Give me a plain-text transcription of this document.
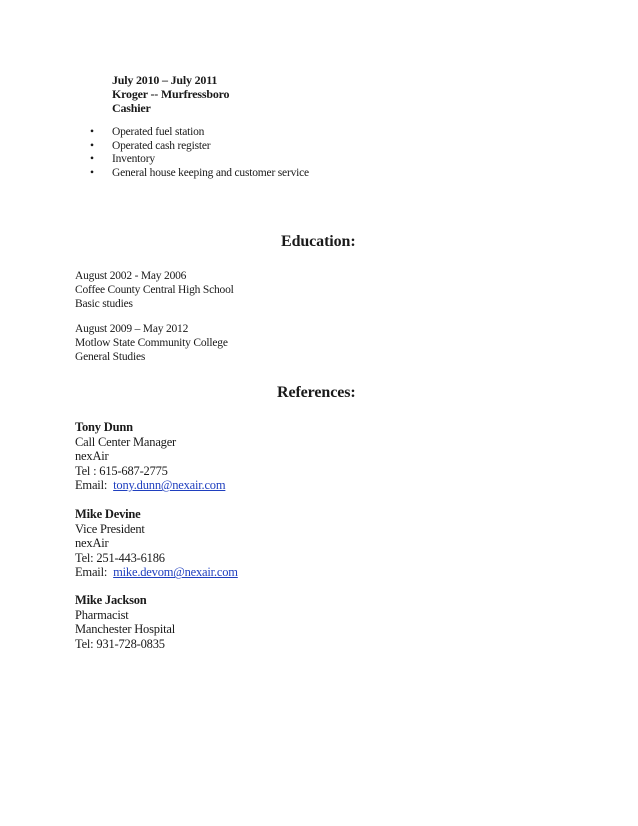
July 2010 – July 2011
Kroger -- Murfressboro
Cashier
• Operated fuel station
• Operated cash register
• Inventory
• General house keeping and customer service
Education:
August 2002 - May 2006
Coffee County Central High School
Basic studies
August 2009 – May 2012
Motlow State Community College
General Studies
References:
Tony Dunn
Call Center Manager
nexAir
Tel : 615-687-2775
Email: tony.dunn@nexair.com
Mike Devine
Vice President
nexAir
Tel: 251-443-6186
Email: mike.devom@nexair.com
Mike Jackson
Pharmacist
Manchester Hospital
Tel: 931-728-0835
